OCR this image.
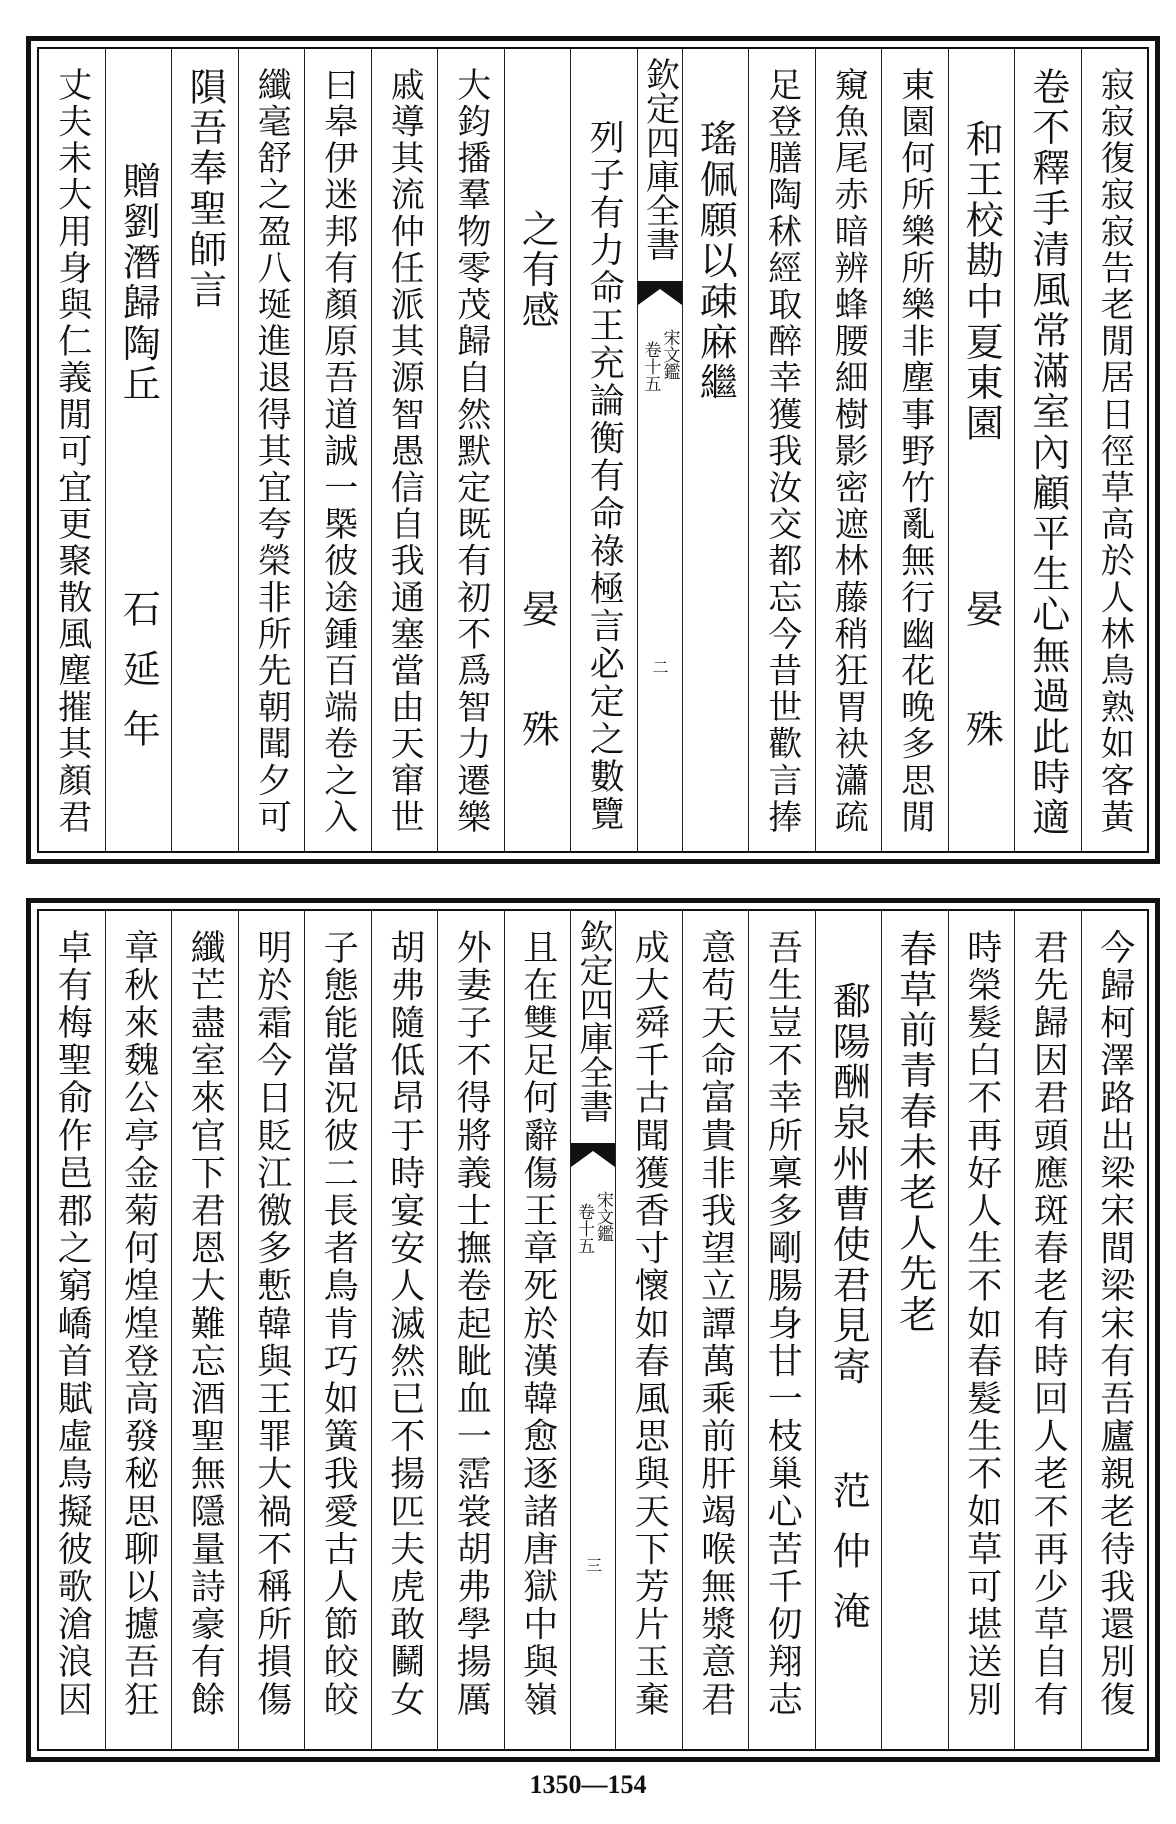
寂寂復寂寂告老閒居日徑草高於人林鳥熟如客黃
卷不釋手清風常滿室內顧平生心無過此時適
和王校勘中夏東園
晏　殊
東園何所樂所樂非塵事野竹亂無行幽花晚多思閒
窺魚尾赤暗辨蜂腰細樹影密遮林藤稍狂胃袂瀟疏
足登膳陶秫經取醉幸獲我汝交都忘今昔世歡言捧
瑤佩願以疎麻繼
欽定四庫全書
宋文鑑
卷十五
二
列子有力命王充論衡有命祿極言必定之數覽
之有感
晏　殊
大鈞播羣物零茂歸自然默定既有初不爲智力遷樂
戚導其流仲任派其源智愚信自我通塞當由天窜世
曰皋伊迷邦有顏原吾道誠一槩彼途鍾百端卷之入
纖毫舒之盈八埏進退得其宜夸榮非所先朝聞夕可
隕吾奉聖師言
贈劉潛歸陶丘
石延年
丈夫未大用身與仁義閒可宜更聚散風塵摧其顏君
今歸柯澤路出梁宋間梁宋有吾廬親老待我還別復
君先歸因君頭應斑春老有時回人老不再少草自有
時榮髮白不再好人生不如春髮生不如草可堪送別
春草前青春未老人先老
鄱陽酬泉州曹使君見寄
范仲淹
吾生豈不幸所稟多剛腸身甘一枝巢心苦千仞翔志
意苟天命富貴非我望立譚萬乘前肝竭喉無漿意君
成大舜千古聞獲香寸懷如春風思與天下芳片玉棄
欽定四庫全書
宋文鑑
卷十五
三
且在雙足何辭傷王章死於漢韓愈逐諸唐獄中與嶺
外妻子不得將義士撫卷起眦血一霑裳胡弗學揚厲
胡弗隨低昂于時宴安人滅然已不揚匹夫虎敢鬭女
子態能當況彼二長者鳥肯巧如簧我愛古人節皎皎
明於霜今日貶江徼多慙韓與王罪大禍不稱所損傷
纖芒盡室來官下君恩大難忘酒聖無隱量詩豪有餘
章秋來魏公亭金菊何煌煌登高發秘思聊以攄吾狂
卓有梅聖俞作邑郡之窮嶠首賦虛鳥擬彼歌滄浪因
1350—154
